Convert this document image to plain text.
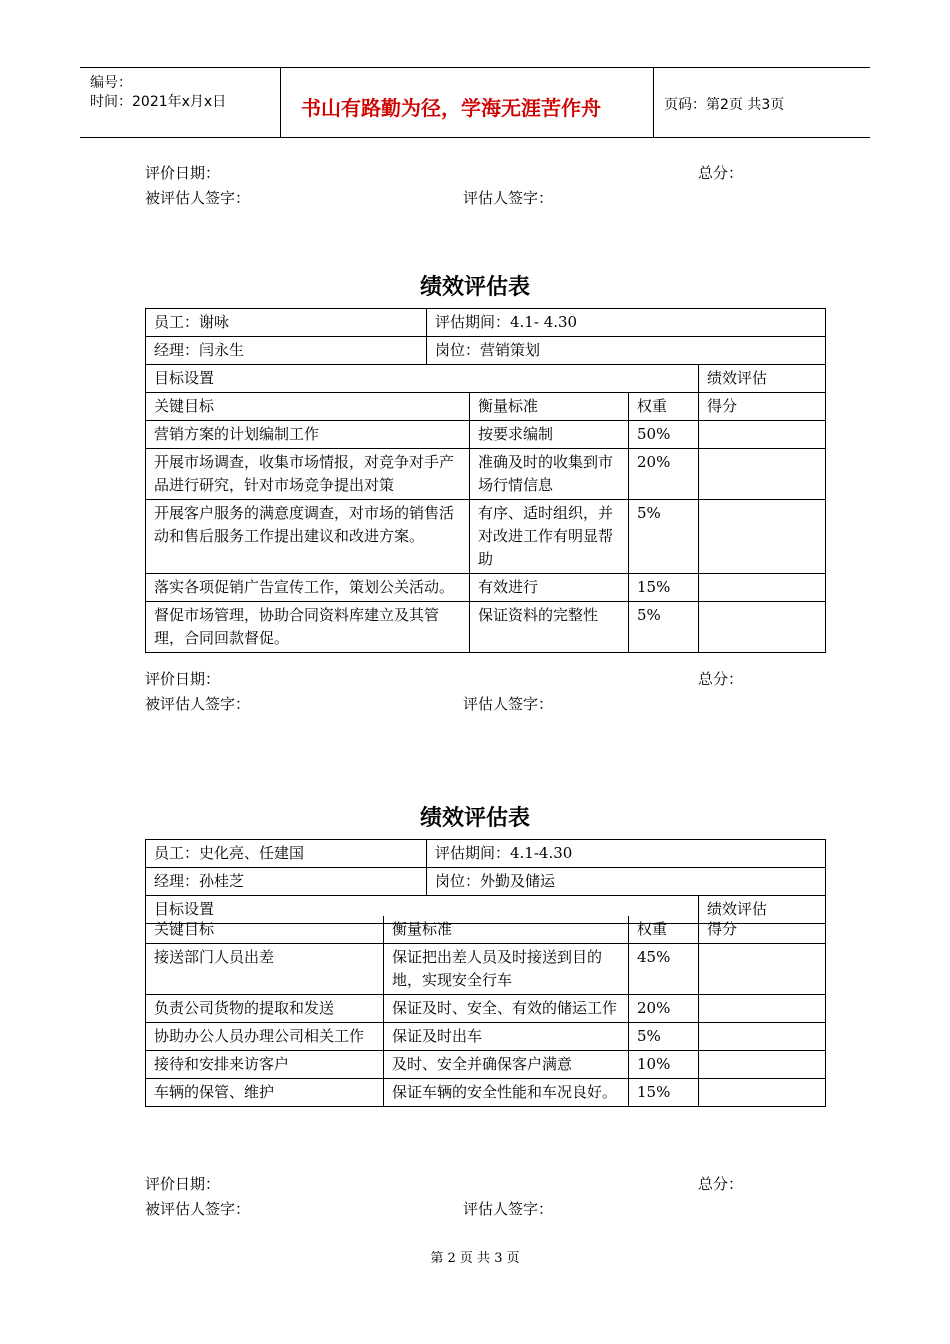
编号：
时间：2021年x月x日	书山有路勤为径，学海无涯苦作舟	页码：第2页 共3页
评价日期：	总分：
被评估人签字：	评估人签字：
绩效评估表
员工：谢咏	评估期间：4.1- 4.30			
经理：闫永生	岗位：营销策划			
目标设置				绩效评估
关键目标		衡量标准	权重	得分
营销方案的计划编制工作		按要求编制	50%	
开展市场调查，收集市场情报，对竞争对手产品进行研究，针对市场竞争提出对策		准确及时的收集到市场行情信息	20%	
开展客户服务的满意度调查，对市场的销售活动和售后服务工作提出建议和改进方案。		有序、适时组织，并对改进工作有明显帮助	5%	
落实各项促销广告宣传工作，策划公关活动。		有效进行	15%	
督促市场管理，协助合同资料库建立及其管理，合同回款督促。		保证资料的完整性	5%	
评价日期：	总分：
被评估人签字：	评估人签字：
绩效评估表
员工：史化亮、任建国	评估期间：4.1-4.30	
经理：孙桂芝	岗位：外勤及储运	
目标设置		绩效评估
关键目标	衡量标准	权重	得分
接送部门人员出差	保证把出差人员及时接送到目的地，实现安全行车	45%	
负责公司货物的提取和发送	保证及时、安全、有效的储运工作	20%	
协助办公人员办理公司相关工作	保证及时出车	5%	
接待和安排来访客户	及时、安全并确保客户满意	10%	
车辆的保管、维护	保证车辆的安全性能和车况良好。	15%	
评价日期：	总分：
被评估人签字：	评估人签字：
第 2 页 共 3 页
